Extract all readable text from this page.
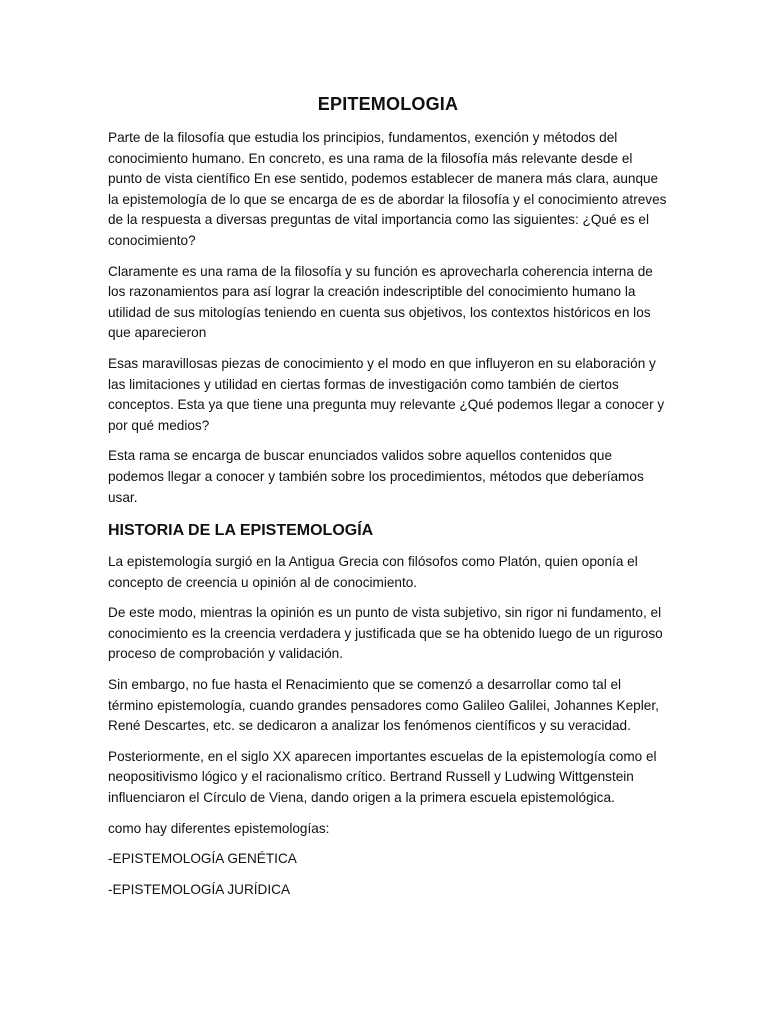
EPITEMOLOGIA

Parte de la filosofía que estudia los principios, fundamentos, exención y métodos del conocimiento humano. En concreto, es una rama de la filosofía más relevante desde el punto de vista científico En ese sentido, podemos establecer de manera más clara, aunque la epistemología de lo que se encarga de es de abordar la filosofía y el conocimiento atreves de la respuesta a diversas preguntas de vital importancia como las siguientes: ¿Qué es el conocimiento?

Claramente es una rama de la filosofía y su función es aprovecharla coherencia interna de los razonamientos para así lograr la creación indescriptible del conocimiento humano la utilidad de sus mitologías teniendo en cuenta sus objetivos, los contextos históricos en los que aparecieron

Esas maravillosas piezas de conocimiento y el modo en que influyeron en su elaboración y las limitaciones y utilidad en ciertas formas de investigación como también de ciertos conceptos. Esta ya que tiene una pregunta muy relevante ¿Qué podemos llegar a conocer y por qué medios?

Esta rama se encarga de buscar enunciados validos sobre aquellos contenidos que podemos llegar a conocer y también sobre los procedimientos, métodos que deberíamos usar.

HISTORIA DE LA EPISTEMOLOGÍA

La epistemología surgió en la Antigua Grecia con filósofos como Platón, quien oponía el concepto de creencia u opinión al de conocimiento.

De este modo, mientras la opinión es un punto de vista subjetivo, sin rigor ni fundamento, el conocimiento es la creencia verdadera y justificada que se ha obtenido luego de un riguroso proceso de comprobación y validación.

Sin embargo, no fue hasta el Renacimiento que se comenzó a desarrollar como tal el término epistemología, cuando grandes pensadores como Galileo Galilei, Johannes Kepler, René Descartes, etc. se dedicaron a analizar los fenómenos científicos y su veracidad.

Posteriormente, en el siglo XX aparecen importantes escuelas de la epistemología como el neopositivismo lógico y el racionalismo crítico. Bertrand Russell y Ludwing Wittgenstein influenciaron el Círculo de Viena, dando origen a la primera escuela epistemológica.

como hay diferentes epistemologías:

-EPISTEMOLOGÍA GENÉTICA

-EPISTEMOLOGÍA JURÍDICA
